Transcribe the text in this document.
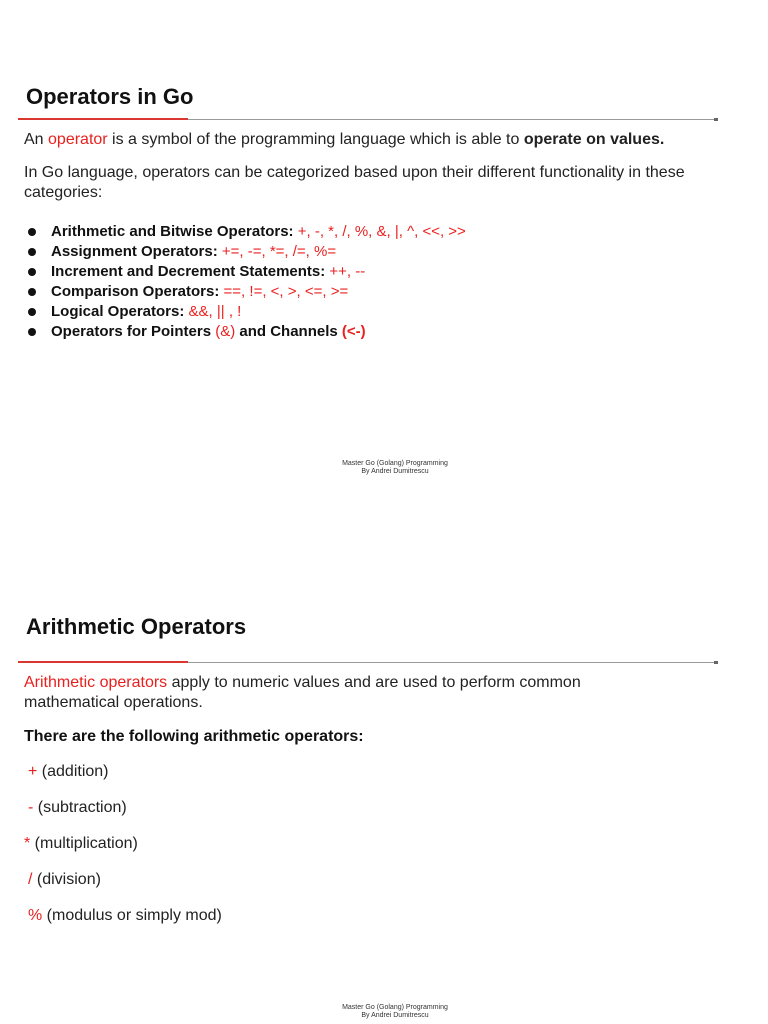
Operators in Go

An operator is a symbol of the programming language which is able to operate on values.

In Go language, operators can be categorized based upon their different functionality in these categories:

Arithmetic and Bitwise Operators: +, -, *, /, %, &, |, ^, <<, >>
Assignment Operators: +=, -=, *=, /=, %=
Increment and Decrement Statements: ++, --
Comparison Operators: ==, !=, <, >, <=, >=
Logical Operators: &&, || , !
Operators for Pointers (&) and Channels (<-)
Master Go (Golang) Programming
By Andrei Dumitrescu
Arithmetic Operators

Arithmetic operators apply to numeric values and are used to perform common mathematical operations.

There are the following arithmetic operators:

+ (addition)

- (subtraction)

* (multiplication)

/ (division)

% (modulus or simply mod)

Master Go (Golang) Programming
By Andrei Dumitrescu
